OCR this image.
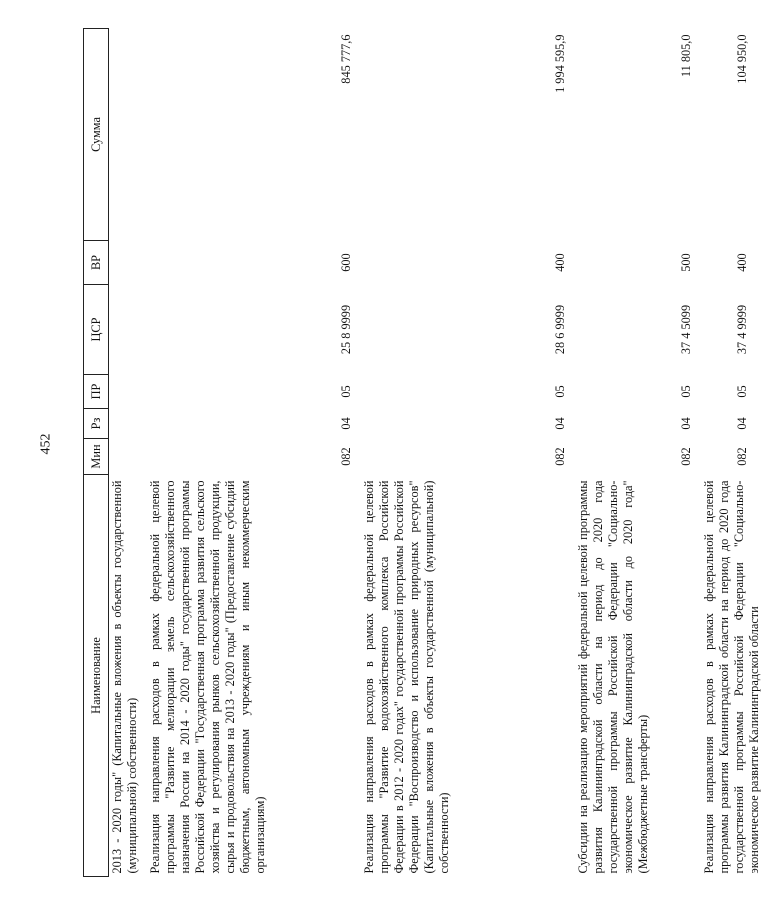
452
Наименование	Мин	Рз	ПР	ЦСР	ВР	Сумма
2013 - 2020 годы" (Капитальные вложения в объекты государственной (муниципальной) собственности)						

Реализация направления расходов в рамках федеральной целевой программы "Развитие мелиорации земель сельскохозяйственного назначения России на 2014 - 2020 годы" государственной программы Российской Федерации "Государственная программа развития сельского хозяйства и регулирования рынков сельскохозяйственной продукции, сырья и продовольствия на 2013 - 2020 годы" (Предоставление субсидий бюджетным, автономным учреждениям и иным некоммерческим организациям)	082	04	05	25 8 9999	600	845 777,6

Реализация направления расходов в рамках федеральной целевой программы "Развитие водохозяйственного комплекса Российской Федерации в 2012 - 2020 годах" государственной программы Российской Федерации "Воспроизводство и использование природных ресурсов" (Капитальные вложения в объекты государственной (муниципальной) собственности)	082	04	05	28 6 9999	400	1 994 595,9

Субсидии на реализацию мероприятий федеральной целевой программы развития Калининградской области на период до 2020 года государственной программы Российской Федерации "Социально-экономическое развитие Калининградской области до 2020 года" (Межбюджетные трансферты)	082	04	05	37 4 5099	500	11 805,0

Реализация направления расходов в рамках федеральной целевой программы развития Калининградской области на период до 2020 года государственной программы Российской Федерации "Социально-экономическое развитие Калининградской области	082	04	05	37 4 9999	400	104 950,0
